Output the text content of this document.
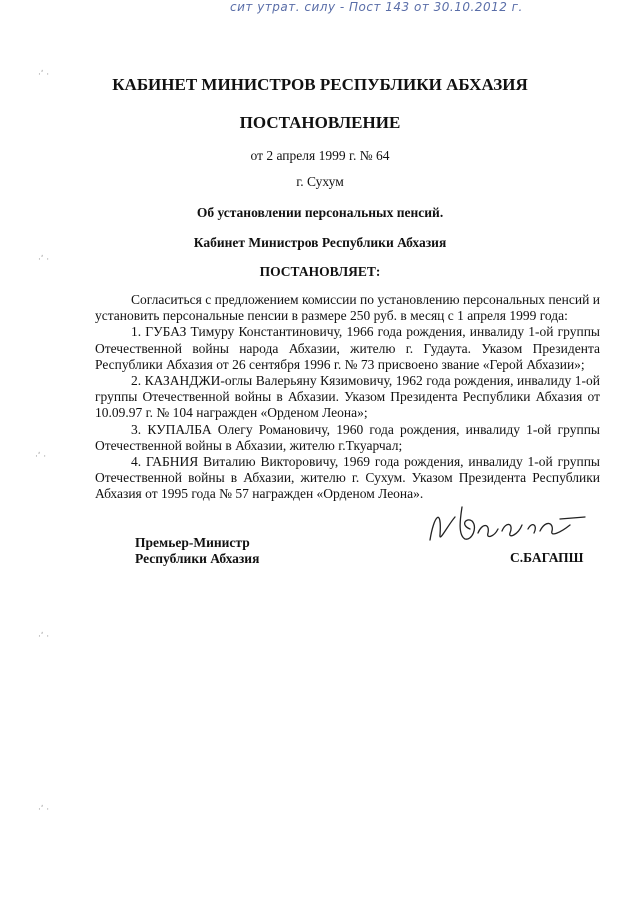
сит утрат. силу - Пост 143 от 30.10.2012 г.
·ʹ ·
·ʹ ·
·ʹ ·
·ʹ ·
·ʹ ·
КАБИНЕТ МИНИСТРОВ РЕСПУБЛИКИ АБХАЗИЯ
ПОСТАНОВЛЕНИЕ
от 2 апреля 1999 г. № 64
г. Сухум
Об установлении персональных пенсий.
Кабинет Министров Республики Абхазия
ПОСТАНОВЛЯЕТ:

Согласиться с предложением комиссии по установлению персональных пенсий и установить персональные пенсии в размере 250 руб. в месяц с 1 апреля 1999 года:

1. ГУБАЗ Тимуру Константиновичу, 1966 года рождения, инвалиду 1-ой группы Отечественной войны народа Абхазии, жителю г. Гудаута. Указом Президента Республики Абхазия от 26 сентября 1996 г. № 73 присвоено звание «Герой Абхазии»;

2. КАЗАНДЖИ-оглы Валерьяну Кязимовичу, 1962 года рождения, инвалиду 1-ой группы Отечественной войны в Абхазии. Указом Президента Республики Абхазия от 10.09.97 г. № 104 награжден «Орденом Леона»;

3. КУПАЛБА Олегу Романовичу, 1960 года рождения, инвалиду 1-ой группы Отечественной войны в Абхазии, жителю г.Ткуарчал;

4. ГАБНИЯ Виталию Викторовичу, 1969 года рождения, инвалиду 1-ой группы Отечественной войны в Абхазии, жителю г. Сухум. Указом Президента Республики Абхазия от 1995 года № 57 награжден «Орденом Леона».

Премьер-Министр
Республики Абхазия	С.БАГАПШ
